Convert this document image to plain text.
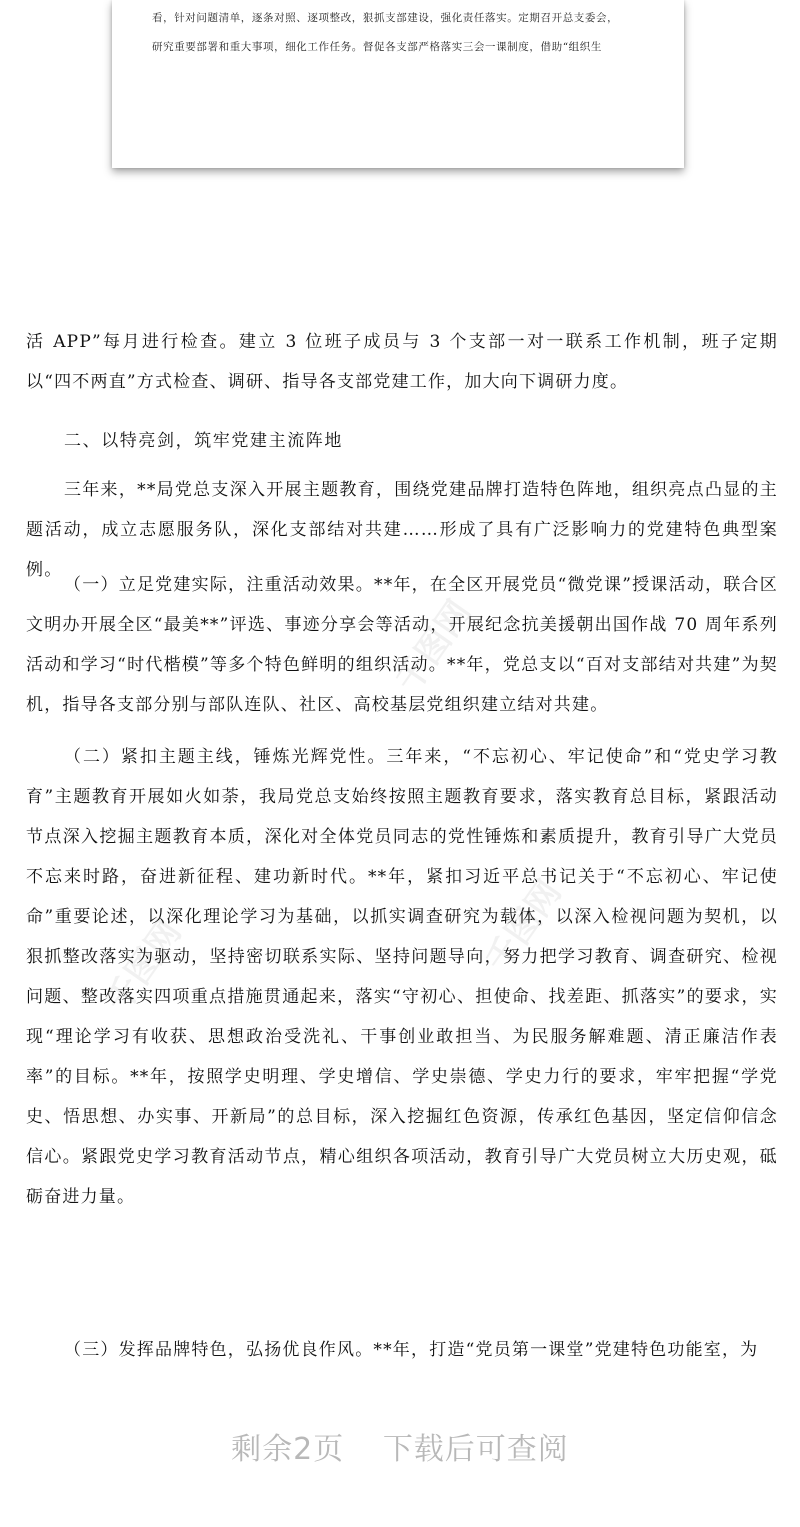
看，针对问题清单，逐条对照、逐项整改，狠抓支部建设，强化责任落实。定期召开总支委会，
研究重要部署和重大事项，细化工作任务。督促各支部严格落实三会一课制度，借助“组织生
活 APP”每月进行检查。建立 3 位班子成员与 3 个支部一对一联系工作机制，班子定期以“四不两直”方式检查、调研、指导各支部党建工作，加大向下调研力度。
二、以特亮剑，筑牢党建主流阵地
三年来，**局党总支深入开展主题教育，围绕党建品牌打造特色阵地，组织亮点凸显的主题活动，成立志愿服务队，深化支部结对共建……形成了具有广泛影响力的党建特色典型案例。
（一）立足党建实际，注重活动效果。**年，在全区开展党员“微党课”授课活动，联合区文明办开展全区“最美**”评选、事迹分享会等活动，开展纪念抗美援朝出国作战 70 周年系列活动和学习“时代楷模”等多个特色鲜明的组织活动。**年，党总支以“百对支部结对共建”为契机，指导各支部分别与部队连队、社区、高校基层党组织建立结对共建。
（二）紧扣主题主线，锤炼光辉党性。三年来，“不忘初心、牢记使命”和“党史学习教育”主题教育开展如火如荼，我局党总支始终按照主题教育要求，落实教育总目标，紧跟活动节点深入挖掘主题教育本质，深化对全体党员同志的党性锤炼和素质提升，教育引导广大党员不忘来时路，奋进新征程、建功新时代。**年，紧扣习近平总书记关于“不忘初心、牢记使命”重要论述，以深化理论学习为基础，以抓实调查研究为载体，以深入检视问题为契机，以狠抓整改落实为驱动，坚持密切联系实际、坚持问题导向，努力把学习教育、调查研究、检视问题、整改落实四项重点措施贯通起来，落实“守初心、担使命、找差距、抓落实”的要求，实现“理论学习有收获、思想政治受洗礼、干事创业敢担当、为民服务解难题、清正廉洁作表率”的目标。**年，按照学史明理、学史增信、学史崇德、学史力行的要求，牢牢把握“学党史、悟思想、办实事、开新局”的总目标，深入挖掘红色资源，传承红色基因，坚定信仰信念信心。紧跟党史学习教育活动节点，精心组织各项活动，教育引导广大党员树立大历史观，砥砺奋进力量。
（三）发挥品牌特色，弘扬优良作风。**年，打造“党员第一课堂”党建特色功能室，为
千图网
千图网
千图网
剩余2页 下载后可查阅
